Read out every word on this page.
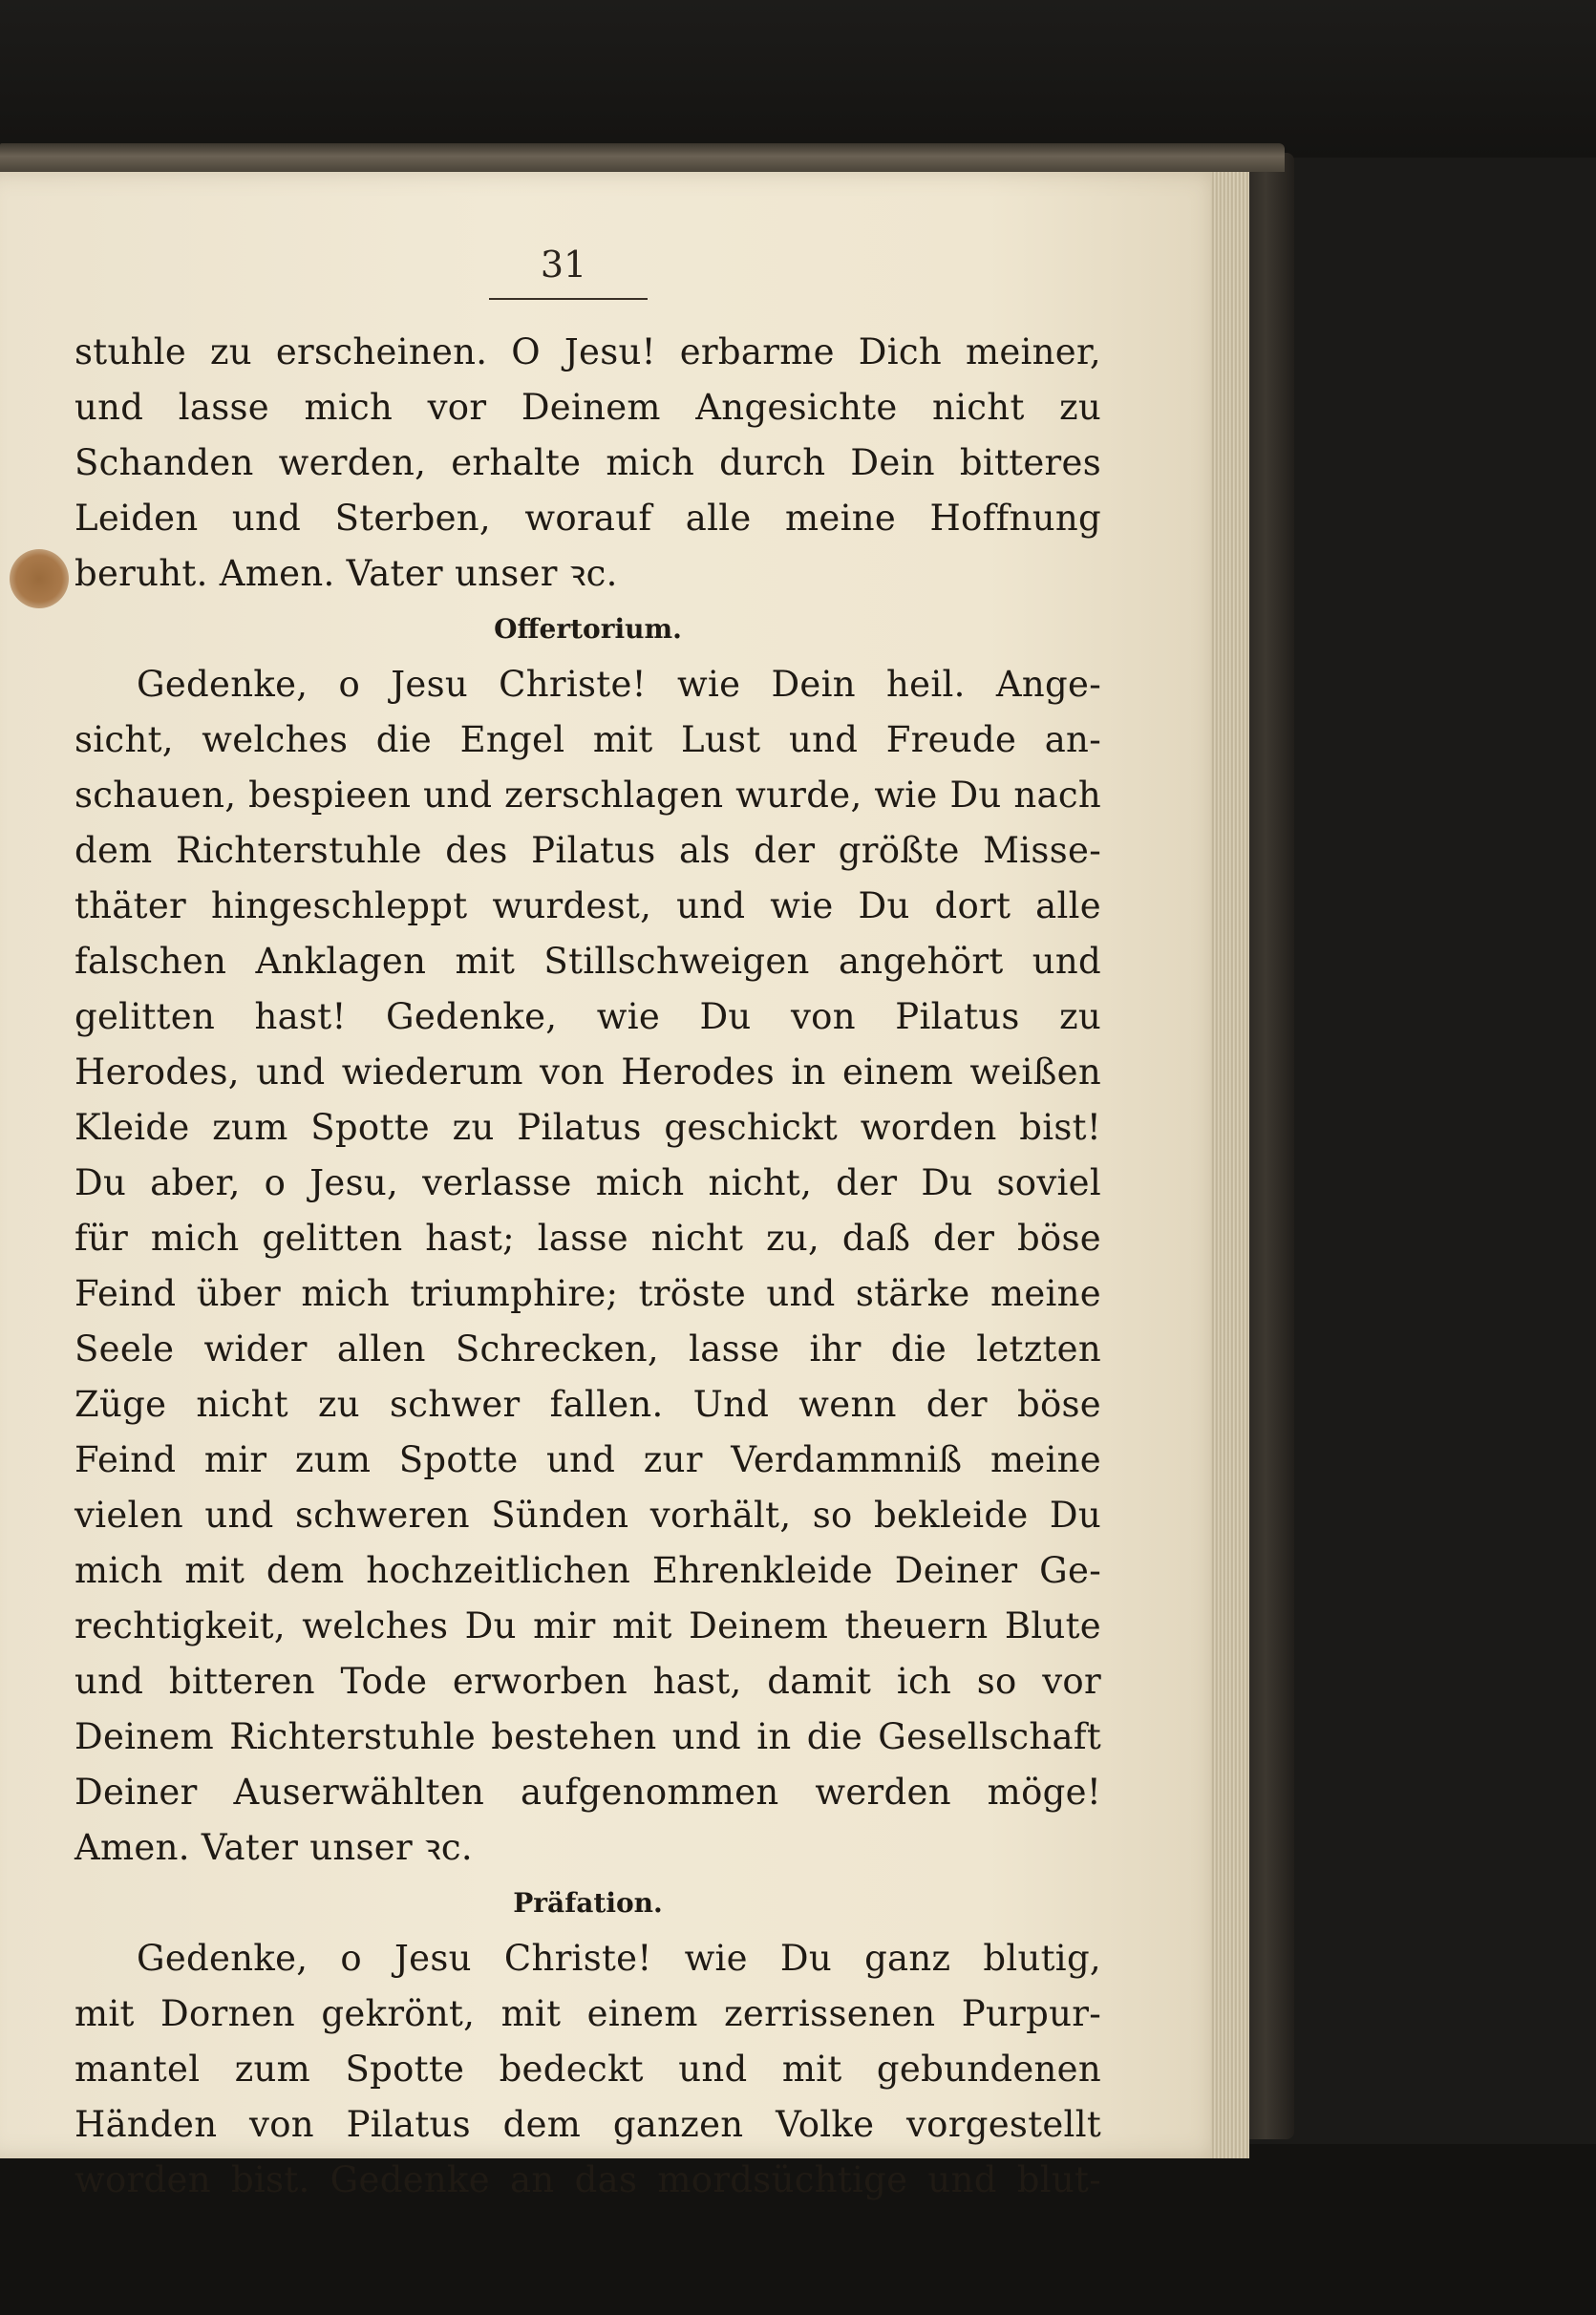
31
stuhle zu erscheinen. O Jesu! erbarme Dich meiner,
und lasse mich vor Deinem Angesichte nicht zu
Schanden werden, erhalte mich durch Dein bitteres
Leiden und Sterben, worauf alle meine Hoffnung
beruht. Amen. Vater unser ꝛc.
Offertorium.
Gedenke, o Jesu Christe! wie Dein heil. Ange-
sicht, welches die Engel mit Lust und Freude an-
schauen, bespieen und zerschlagen wurde, wie Du nach
dem Richterstuhle des Pilatus als der größte Misse-
thäter hingeschleppt wurdest, und wie Du dort alle
falschen Anklagen mit Stillschweigen angehört und
gelitten hast! Gedenke, wie Du von Pilatus zu
Herodes, und wiederum von Herodes in einem weißen
Kleide zum Spotte zu Pilatus geschickt worden bist!
Du aber, o Jesu, verlasse mich nicht, der Du soviel
für mich gelitten hast; lasse nicht zu, daß der böse
Feind über mich triumphire; tröste und stärke meine
Seele wider allen Schrecken, lasse ihr die letzten
Züge nicht zu schwer fallen. Und wenn der böse
Feind mir zum Spotte und zur Verdammniß meine
vielen und schweren Sünden vorhält, so bekleide Du
mich mit dem hochzeitlichen Ehrenkleide Deiner Ge-
rechtigkeit, welches Du mir mit Deinem theuern Blute
und bitteren Tode erworben hast, damit ich so vor
Deinem Richterstuhle bestehen und in die Gesellschaft
Deiner Auserwählten aufgenommen werden möge!
Amen. Vater unser ꝛc.
Präfation.
Gedenke, o Jesu Christe! wie Du ganz blutig,
mit Dornen gekrönt, mit einem zerrissenen Purpur-
mantel zum Spotte bedeckt und mit gebundenen
Händen von Pilatus dem ganzen Volke vorgestellt
worden bist. Gedenke an das mordsüchtige und blut-
